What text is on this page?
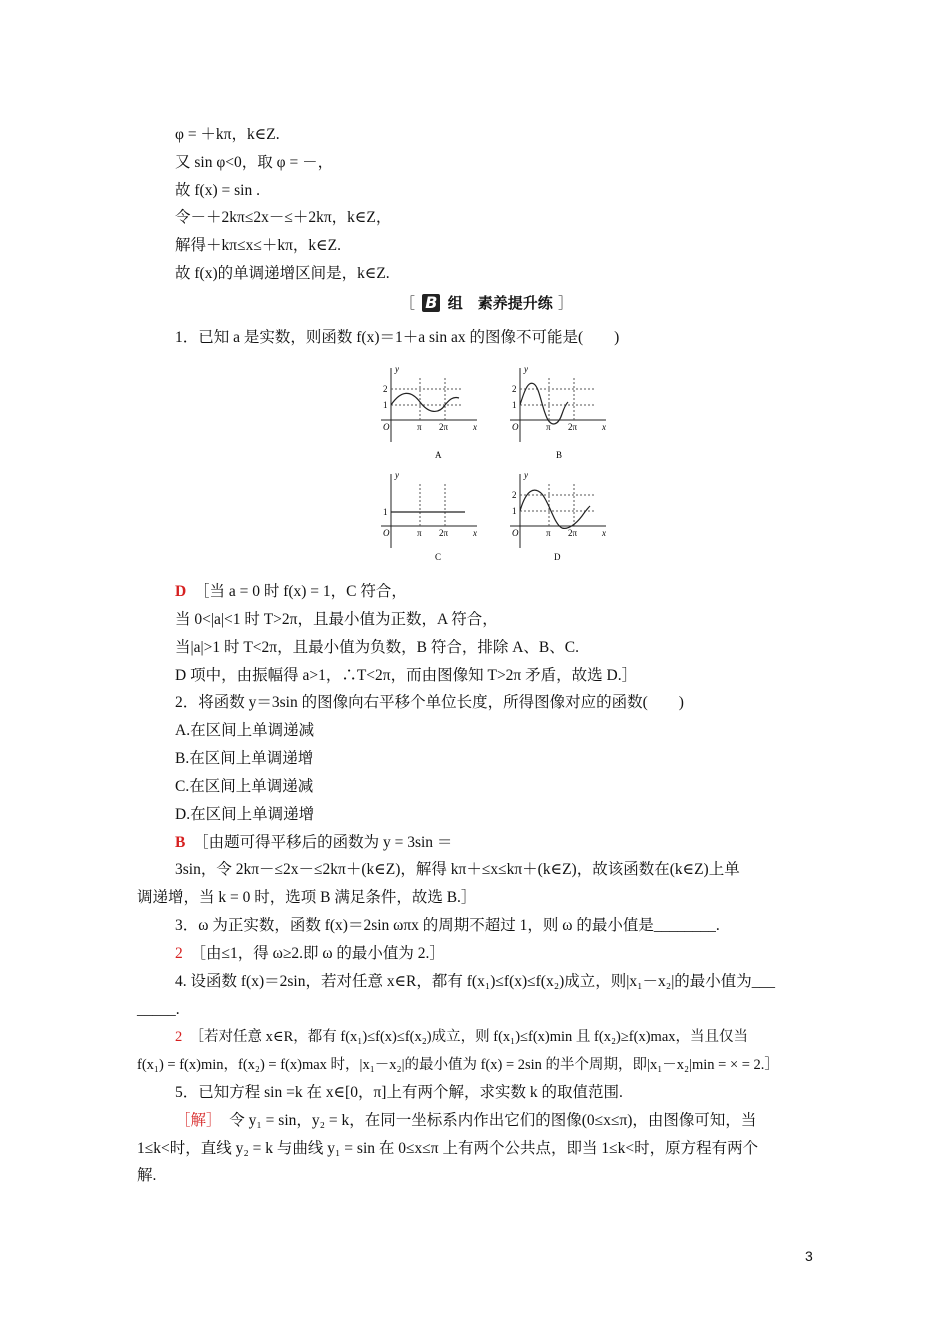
φ = ＋kπ，k∈Z.
又 sin φ<0，取 φ = －，
故 f(x) = sin .
令－＋2kπ≤2x－≤＋2kπ，k∈Z，
解得＋kπ≤x≤＋kπ，k∈Z.
故 f(x)的单调递增区间是，k∈Z.
［ B 组　素养提升练 ］
1．已知 a 是实数，则函数 f(x)＝1＋a sin ax 的图像不可能是(　　)
y
2
1
O	π 2π	x
A
y
2
1
O	π 2π	x
B
y
1
O	π 2π	x
C
y
2
1
O	π 2π	x
D
D ［当 a = 0 时 f(x) = 1，C 符合，
当 0<|a|<1 时 T>2π，且最小值为正数，A 符合，
当|a|>1 时 T<2π，且最小值为负数，B 符合，排除 A、B、C.
D 项中，由振幅得 a>1，∴T<2π，而由图像知 T>2π 矛盾，故选 D.］
2．将函数 y＝3sin 的图像向右平移个单位长度，所得图像对应的函数(　　)
A.在区间上单调递减
B.在区间上单调递增
C.在区间上单调递减
D.在区间上单调递增
B ［由题可得平移后的函数为 y = 3sin ＝
3sin，令 2kπ－≤2x－≤2kπ＋(k∈Z)，解得 kπ＋≤x≤kπ＋(k∈Z)，故该函数在(k∈Z)上单
调递增，当 k = 0 时，选项 B 满足条件，故选 B.］
3．ω 为正实数，函数 f(x)＝2sin ωπx 的周期不超过 1，则 ω 的最小值是________.
2 ［由≤1，得 ω≥2.即 ω 的最小值为 2.］
4. 设函数 f(x)＝2sin，若对任意 x∈R，都有 f(x₁)≤f(x)≤f(x₂)成立，则|x₁－x₂|的最小值为___
_____.
2 ［若对任意 x∈R，都有 f(x₁)≤f(x)≤f(x₂)成立，则 f(x₁)≤f(x)min 且 f(x₂)≥f(x)max，当且仅当
f(x₁) = f(x)min，f(x₂) = f(x)max 时，|x₁－x₂|的最小值为 f(x) = 2sin 的半个周期，即|x₁－x₂|min = × = 2.］
5．已知方程 sin =k 在 x∈[0，π]上有两个解，求实数 k 的取值范围.
［解］ 令 y₁ = sin，y₂ = k，在同一坐标系内作出它们的图像(0≤x≤π)，由图像可知，当
1≤k<时，直线 y₂ = k 与曲线 y₁ = sin 在 0≤x≤π 上有两个公共点，即当 1≤k<时，原方程有两个
解.
3
